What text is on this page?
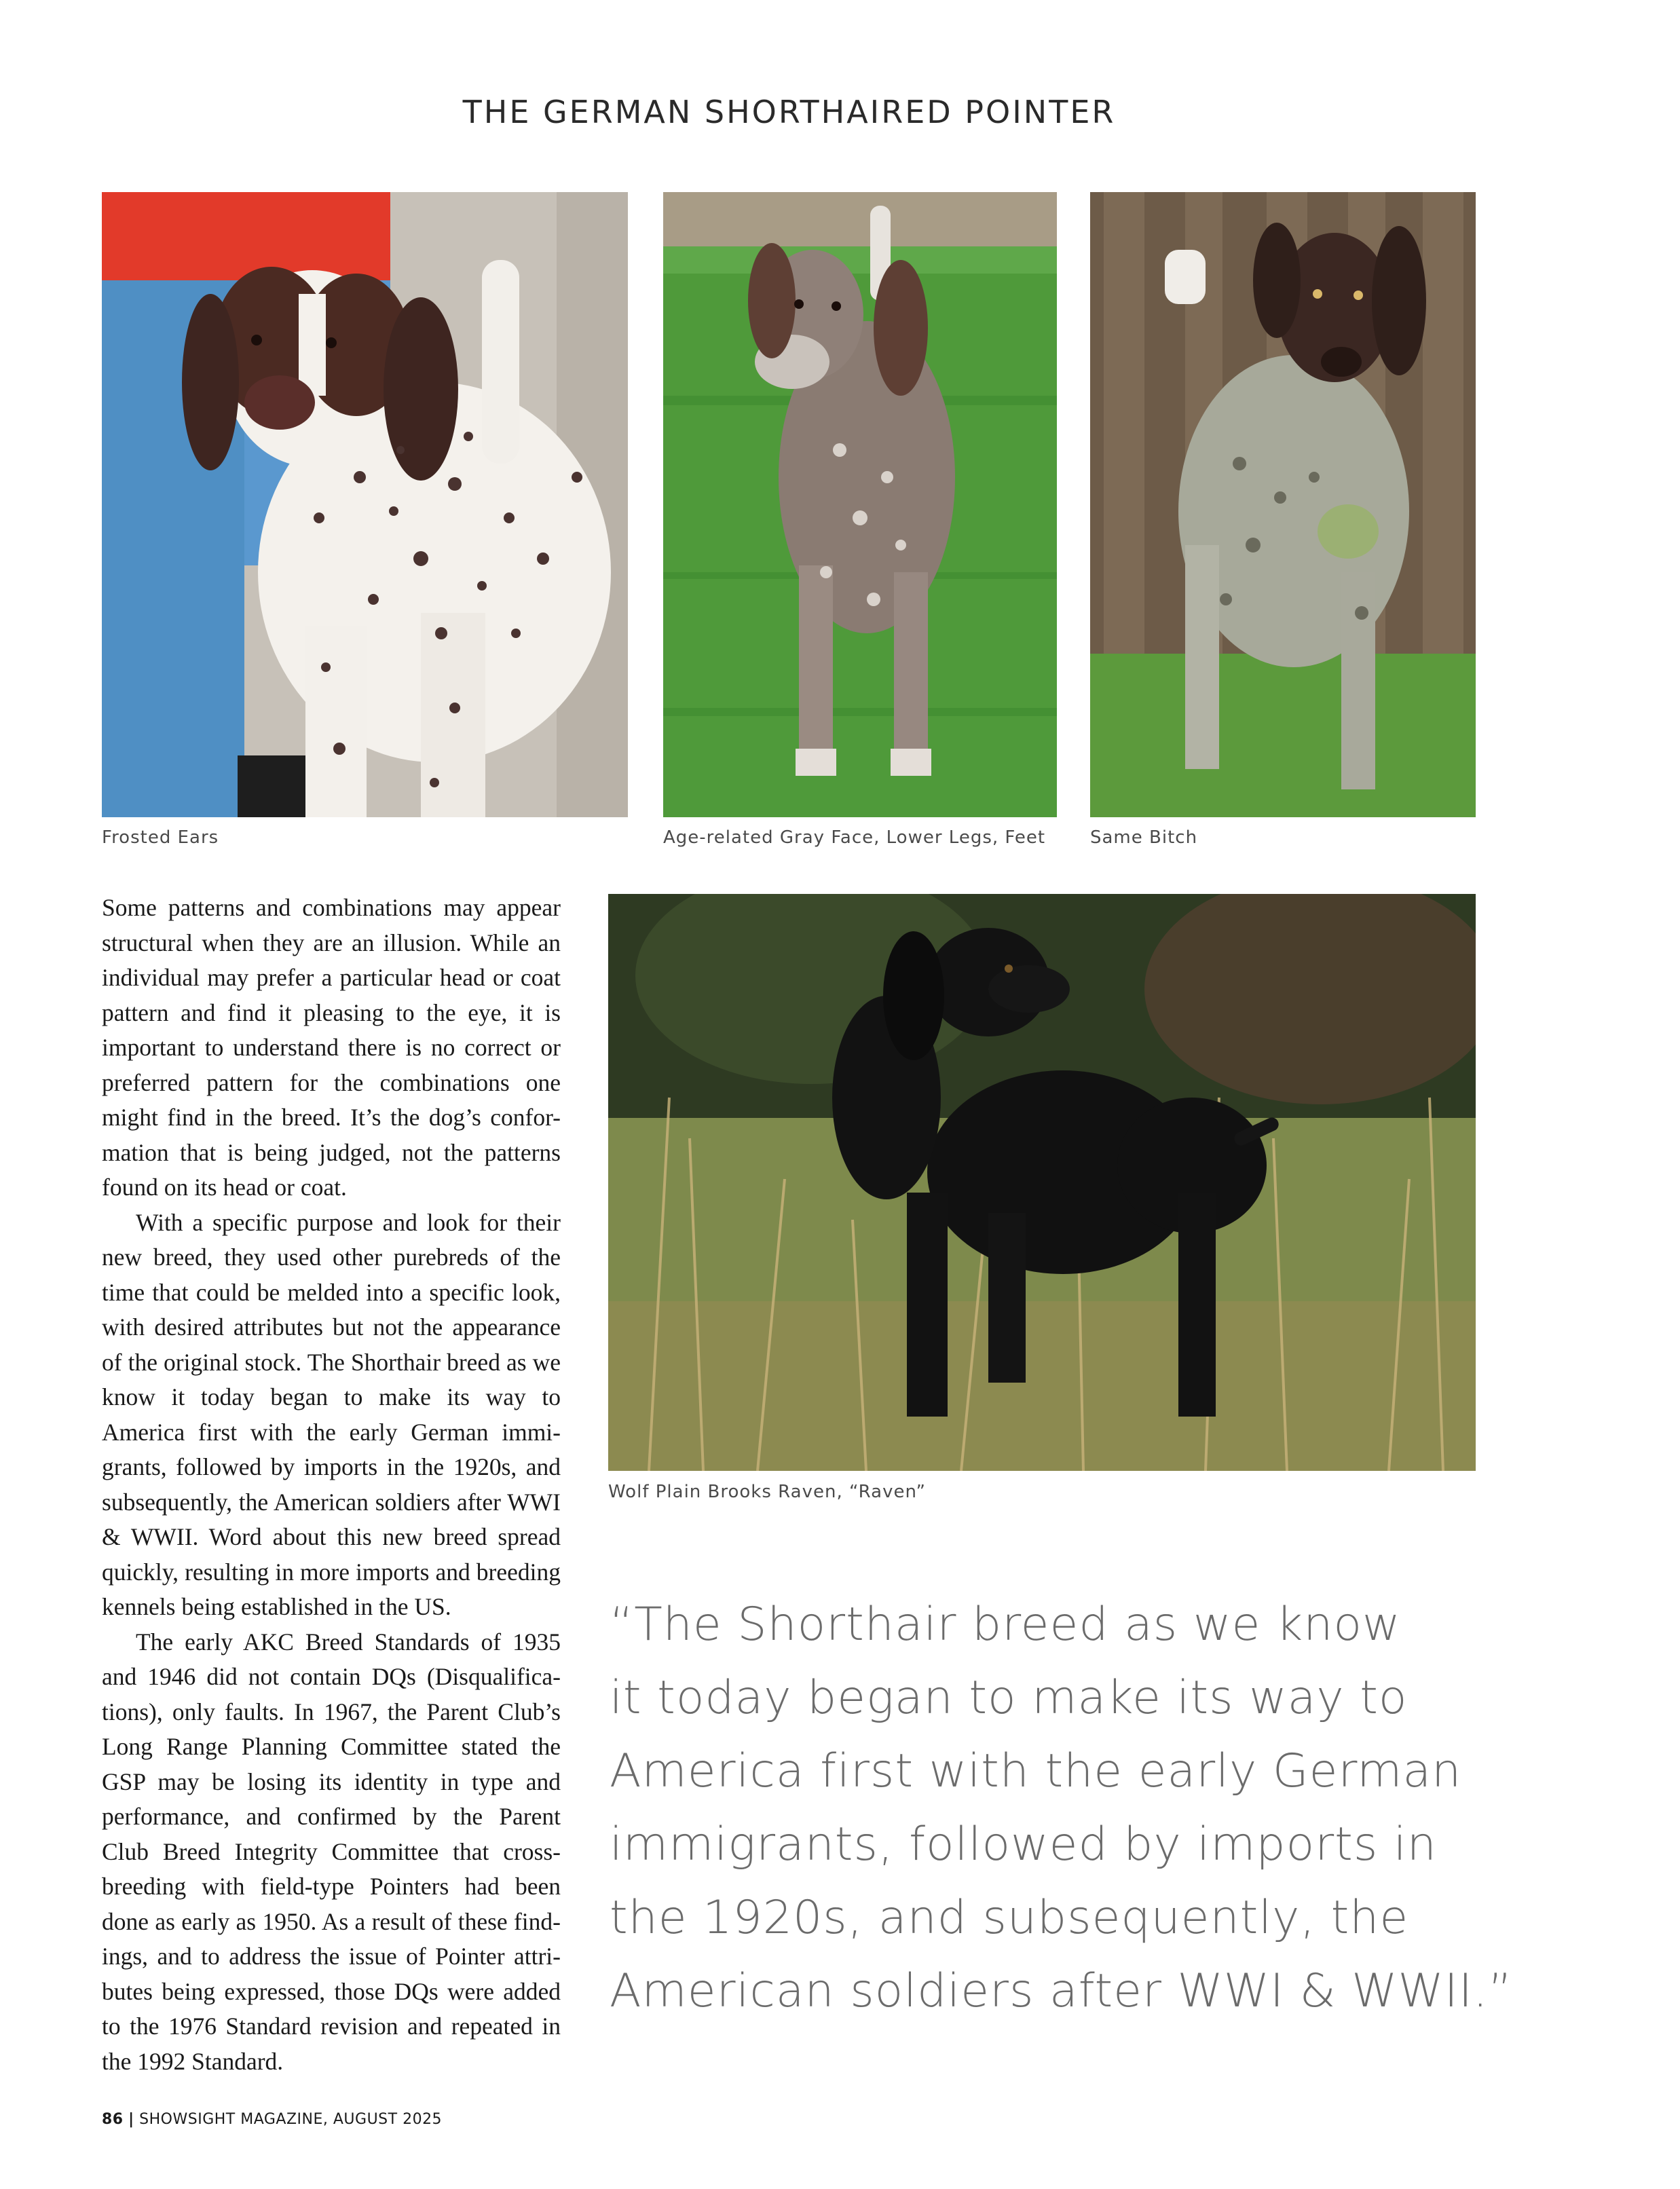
THE GERMAN SHORTHAIRED POINTER
Frosted Ears	Age-related Gray Face, Lower Legs, Feet	Same Bitch
Wolf Plain Brooks Raven, “Raven”

Some patterns and combinations may appear structural when they are an illusion. While an individual may prefer a particular head or coat pattern and find it pleasing to the eye, it is important to understand there is no correct or preferred pattern for the combinations one might find in the breed. It’s the dog’s confor-mation that is being judged, not the patterns found on its head or coat.

With a specific purpose and look for their new breed, they used other purebreds of the time that could be melded into a specific look, with desired attributes but not the appearance of the original stock. The Shorthair breed as we know it today began to make its way to America first with the early German immi-grants, followed by imports in the 1920s, and subsequently, the American soldiers after WWI & WWII. Word about this new breed spread quickly, resulting in more imports and breeding kennels being established in the US.

The early AKC Breed Standards of 1935 and 1946 did not contain DQs (Disqualifica-tions), only faults. In 1967, the Parent Club’s Long Range Planning Committee stated the GSP may be losing its identity in type and performance, and confirmed by the Parent Club Breed Integrity Committee that cross-breeding with field-type Pointers had been done as early as 1950. As a result of these find-ings, and to address the issue of Pointer attri-butes being expressed, those DQs were added to the 1976 Standard revision and repeated in the 1992 Standard.

“The Shorthair breed as we know
it today began to make its way to
America first with the early German
immigrants, followed by imports in
the 1920s, and subsequently, the
American soldiers after WWI & WWII.”
86 | SHOWSIGHT MAGAZINE, AUGUST 2025
